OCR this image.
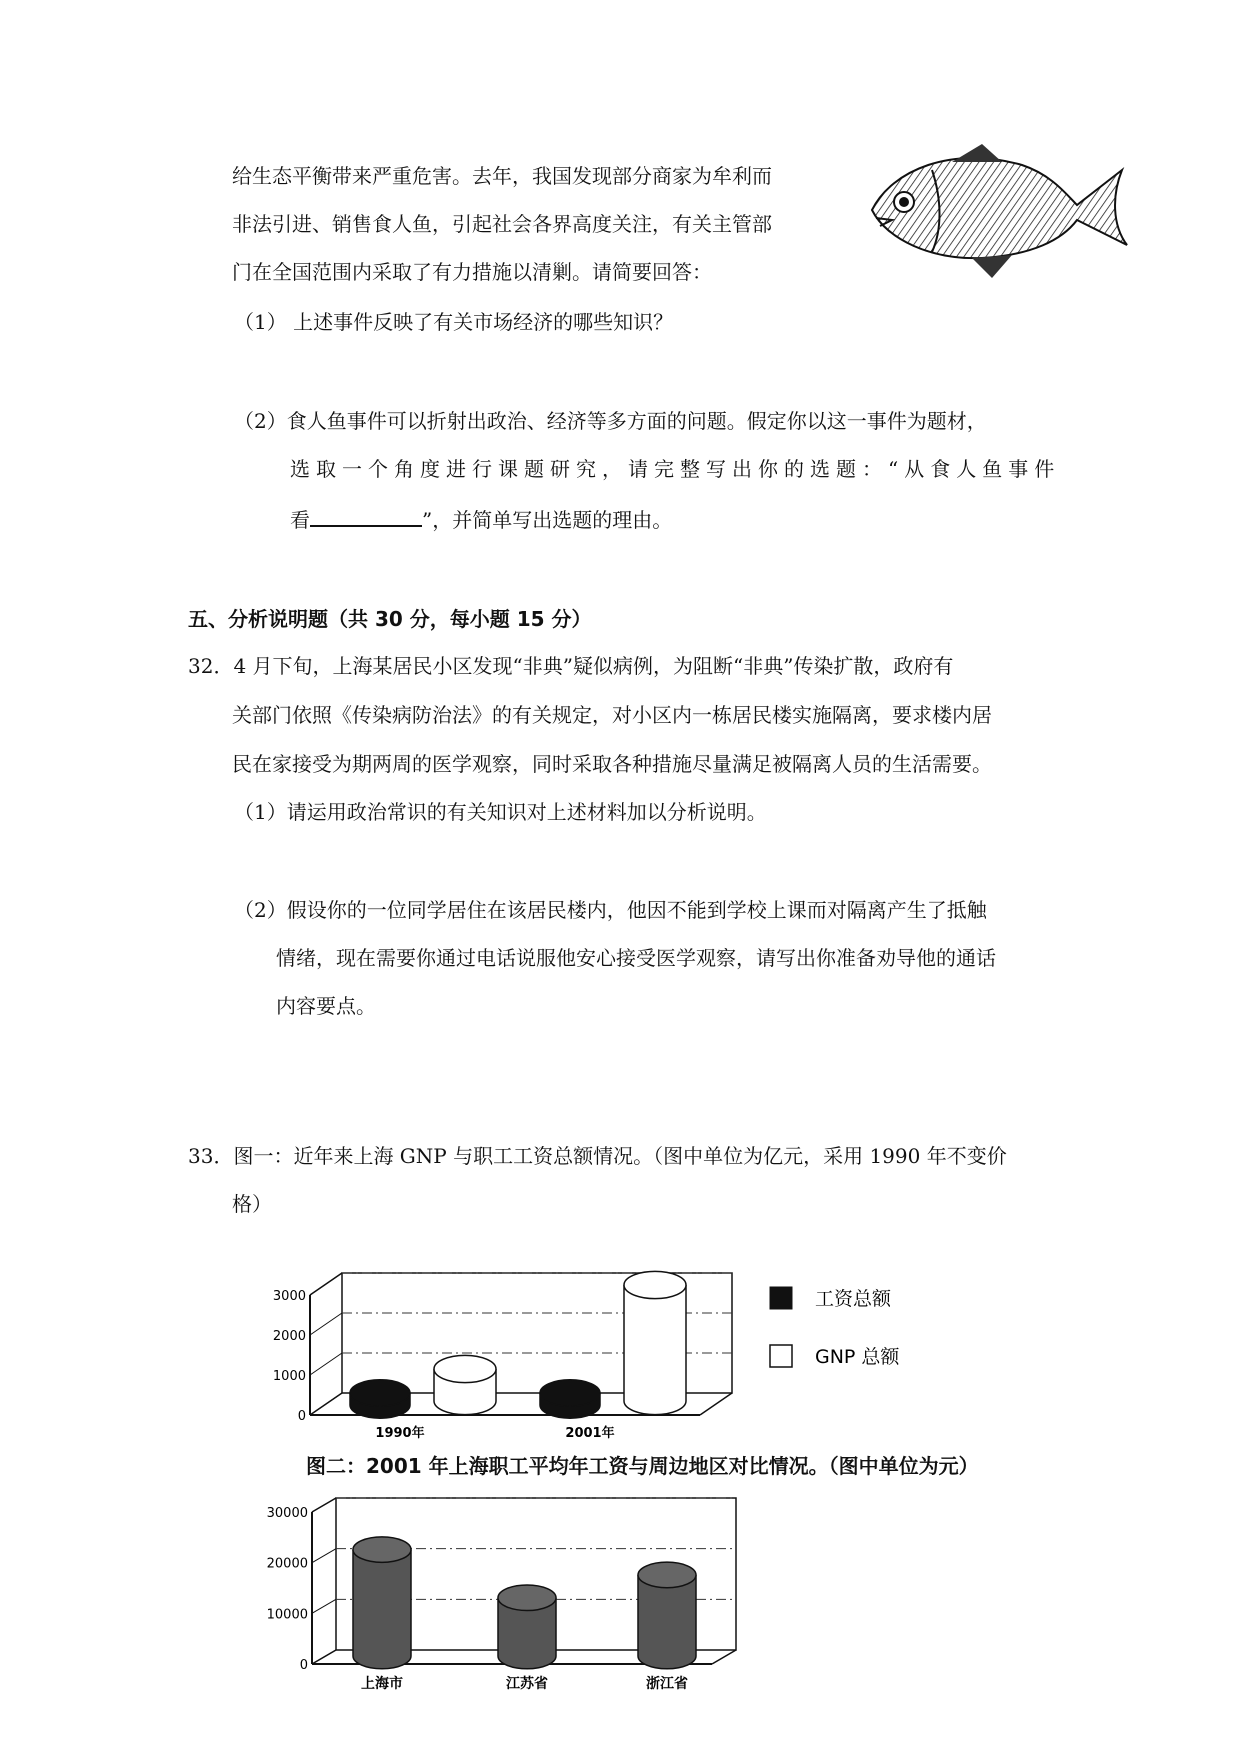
给生态平衡带来严重危害。去年，我国发现部分商家为牟利而
非法引进、销售食人鱼，引起社会各界高度关注，有关主管部
门在全国范围内采取了有力措施以清剿。请简要回答：
（1） 上述事件反映了有关市场经济的哪些知识？
（2）食人鱼事件可以折射出政治、经济等多方面的问题。假定你以这一事件为题材，
选取一个角度进行课题研究，请完整写出你的选题：“从食人鱼事件
看	”，并简单写出选题的理由。
五、分析说明题（共 30 分，每小题 15 分）
32．4 月下旬，上海某居民小区发现“非典”疑似病例，为阻断“非典”传染扩散，政府有
关部门依照《传染病防治法》的有关规定，对小区内一栋居民楼实施隔离，要求楼内居
民在家接受为期两周的医学观察，同时采取各种措施尽量满足被隔离人员的生活需要。
（1）请运用政治常识的有关知识对上述材料加以分析说明。
（2）假设你的一位同学居住在该居民楼内，他因不能到学校上课而对隔离产生了抵触
情绪，现在需要你通过电话说服他安心接受医学观察，请写出你准备劝导他的通话
内容要点。
33．图一：近年来上海 GNP 与职工工资总额情况。（图中单位为亿元，采用 1990 年不变价
格）
0
1000
2000
3000
1990年	2001年
工资总额
GNP 总额
图二：2001 年上海职工平均年工资与周边地区对比情况。（图中单位为元）
0
10000
20000
30000
上海市	江苏省	浙江省
